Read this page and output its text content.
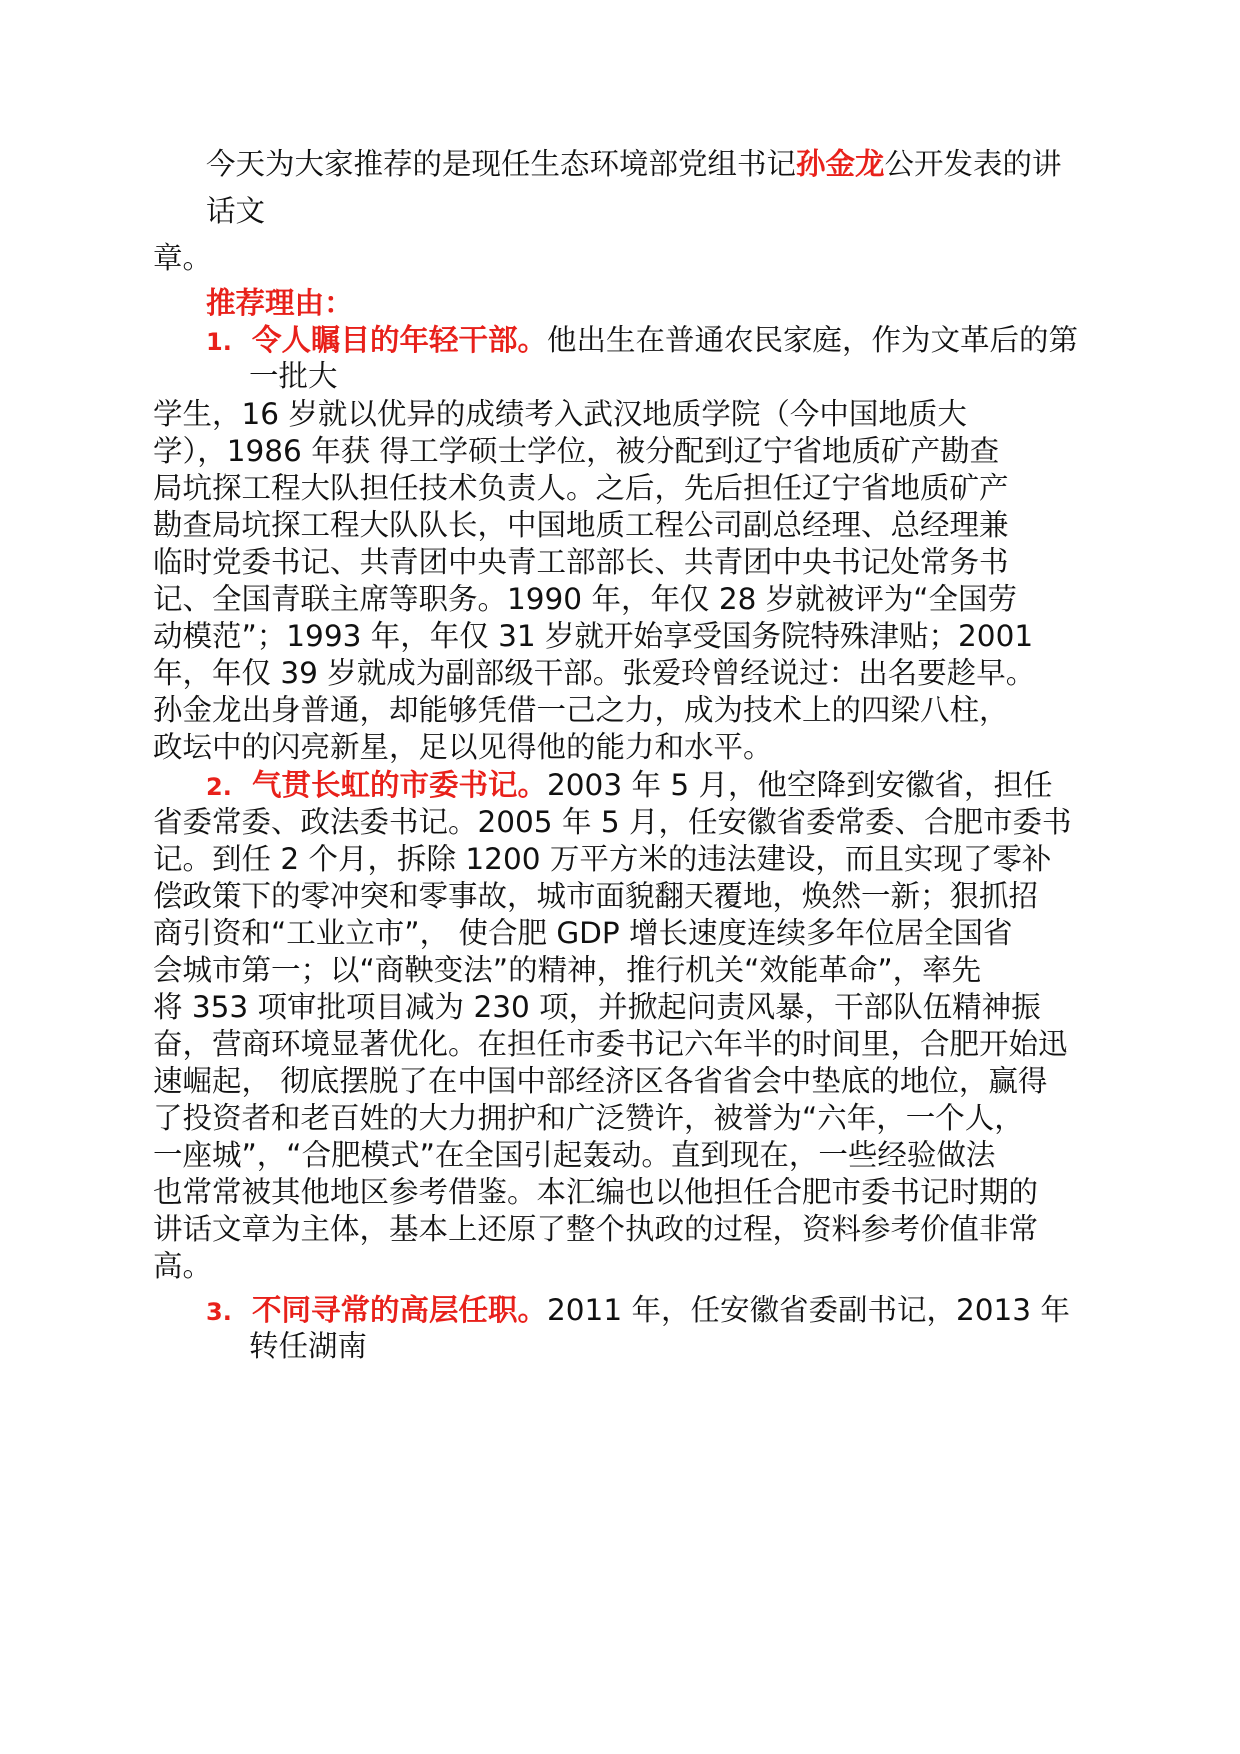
今天为大家推荐的是现任生态环境部党组书记孙金龙公开发表的讲

话文

章。

推荐理由：

1. 令人瞩目的年轻干部。他出生在普通农民家庭，作为文革后的第

一批大

学生，16 岁就以优异的成绩考入武汉地质学院（今中国地质大

学），1986 年获 得工学硕士学位，被分配到辽宁省地质矿产勘查

局坑探工程大队担任技术负责人。之后，先后担任辽宁省地质矿产

勘查局坑探工程大队队长，中国地质工程公司副总经理、总经理兼

临时党委书记、共青团中央青工部部长、共青团中央书记处常务书

记、全国青联主席等职务。1990 年，年仅 28 岁就被评为“全国劳

动模范”；1993 年，年仅 31 岁就开始享受国务院特殊津贴；2001

年，年仅 39 岁就成为副部级干部。张爱玲曾经说过：出名要趁早。

孙金龙出身普通，却能够凭借一己之力，成为技术上的四梁八柱，

政坛中的闪亮新星，足以见得他的能力和水平。

2. 气贯长虹的市委书记。2003 年 5 月，他空降到安徽省，担任

省委常委、政法委书记。2005 年 5 月，任安徽省委常委、合肥市委书

记。到任 2 个月，拆除 1200 万平方米的违法建设，而且实现了零补

偿政策下的零冲突和零事故，城市面貌翻天覆地，焕然一新；狠抓招

商引资和“工业立市”， 使合肥 GDP 增长速度连续多年位居全国省

会城市第一；以“商鞅变法”的精神，推行机关“效能革命”，率先

将 353 项审批项目减为 230 项，并掀起问责风暴，干部队伍精神振

奋，营商环境显著优化。在担任市委书记六年半的时间里，合肥开始迅

速崛起， 彻底摆脱了在中国中部经济区各省省会中垫底的地位，赢得

了投资者和老百姓的大力拥护和广泛赞许，被誉为“六年，一个人，

一座城”，“合肥模式”在全国引起轰动。直到现在，一些经验做法

也常常被其他地区参考借鉴。本汇编也以他担任合肥市委书记时期的

讲话文章为主体，基本上还原了整个执政的过程，资料参考价值非常

高。

3. 不同寻常的高层任职。2011 年，任安徽省委副书记，2013 年

转任湖南
